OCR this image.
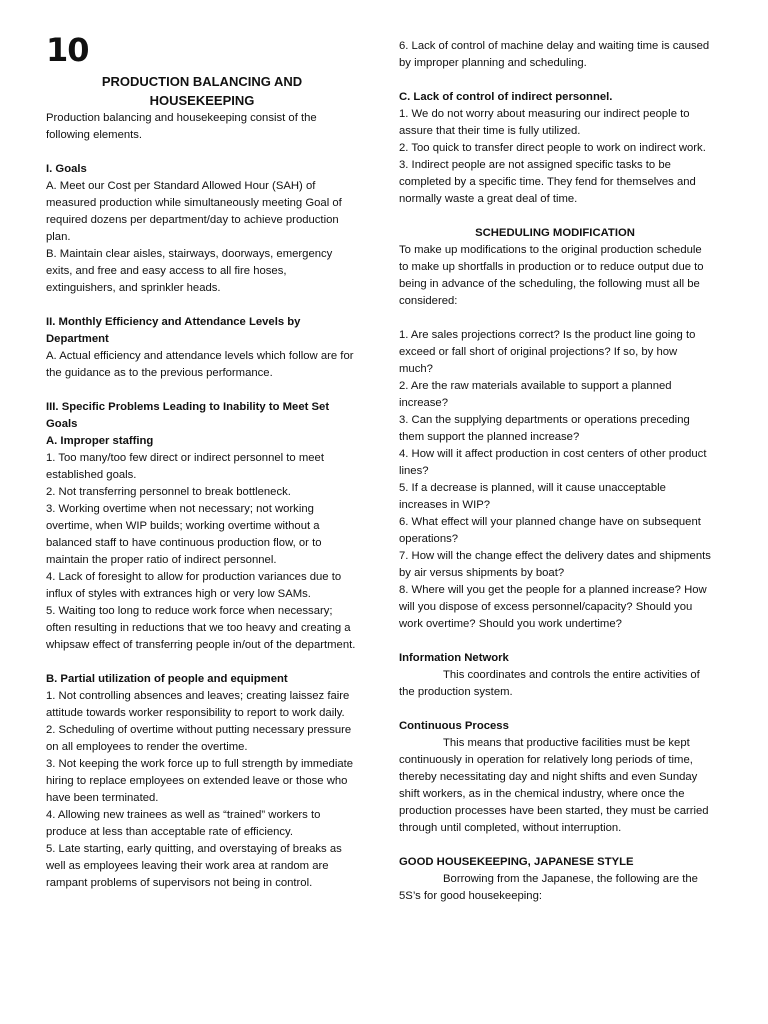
10
PRODUCTION BALANCING AND
HOUSEKEEPING

Production balancing and housekeeping consist of the following elements.

I. Goals

A. Meet our Cost per Standard Allowed Hour (SAH) of measured production while simultaneously meeting Goal of required dozens per department/day to achieve production plan.

B. Maintain clear aisles, stairways, doorways, emergency exits, and free and easy access to all fire hoses, extinguishers, and sprinkler heads.

II. Monthly Efficiency and Attendance Levels by Department

A. Actual efficiency and attendance levels which follow are for the guidance as to the previous performance.

III. Specific Problems Leading to Inability to Meet Set Goals

A. Improper staffing

1. Too many/too few direct or indirect personnel to meet established goals.

2. Not transferring personnel to break bottleneck.

3. Working overtime when not necessary; not working overtime, when WIP builds; working overtime without a balanced staff to have continuous production flow, or to maintain the proper ratio of indirect personnel.

4. Lack of foresight to allow for production variances due to influx of styles with extrances high or very low SAMs.

5. Waiting too long to reduce work force when necessary; often resulting in reductions that we too heavy and creating a whipsaw effect of transferring people in/out of the department.

B. Partial utilization of people and equipment

1. Not controlling absences and leaves; creating laissez faire attitude towards worker responsibility to report to work daily.

2. Scheduling of overtime without putting necessary pressure on all employees to render the overtime.

3. Not keeping the work force up to full strength by immediate hiring to replace employees on extended leave or those who have been terminated.

4. Allowing new trainees as well as “trained” workers to produce at less than acceptable rate of efficiency.

5. Late starting, early quitting, and overstaying of breaks as well as employees leaving their work area at random are rampant problems of supervisors not being in control.

6. Lack of control of machine delay and waiting time is caused by improper planning and scheduling.

C. Lack of control of indirect personnel.

1. We do not worry about measuring our indirect people to assure that their time is fully utilized.

2. Too quick to transfer direct people to work on indirect work.

3. Indirect people are not assigned specific tasks to be completed by a specific time. They fend for themselves and normally waste a great deal of time.

SCHEDULING MODIFICATION

To make up modifications to the original production schedule to make up shortfalls in production or to reduce output due to being in advance of the scheduling, the following must all be considered:

1. Are sales projections correct? Is the product line going to exceed or fall short of original projections? If so, by how much?

2. Are the raw materials available to support a planned increase?

3. Can the supplying departments or operations preceding them support the planned increase?

4. How will it affect production in cost centers of other product lines?

5. If a decrease is planned, will it cause unacceptable increases in WIP?

6. What effect will your planned change have on subsequent operations?

7. How will the change effect the delivery dates and shipments by air versus shipments by boat?

8. Where will you get the people for a planned increase? How will you dispose of excess personnel/capacity? Should you work overtime? Should you work undertime?

Information Network

This coordinates and controls the entire activities of the production system.

Continuous Process

This means that productive facilities must be kept continuously in operation for relatively long periods of time, thereby necessitating day and night shifts and even Sunday shift workers, as in the chemical industry, where once the production processes have been started, they must be carried through until completed, without interruption.

GOOD HOUSEKEEPING, JAPANESE STYLE

Borrowing from the Japanese, the following are the 5S’s for good housekeeping:
